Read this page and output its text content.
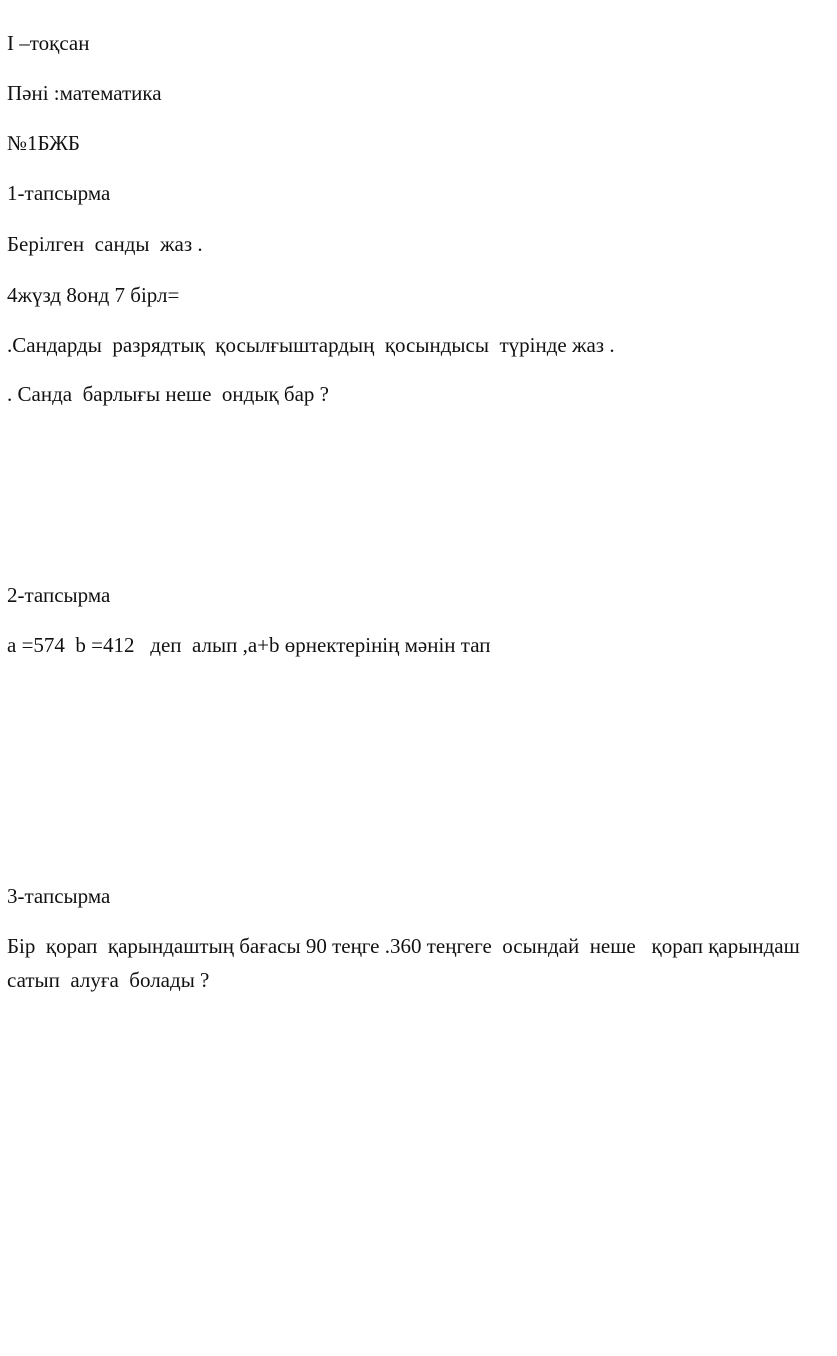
І –тоқсан

Пәні :математика

№1БЖБ

1-тапсырма

Берілген  санды  жаз .

4жүзд 8онд 7 бірл=

.Сандарды  разрядтық  қосылғыштардың  қосындысы  түрінде жаз .

. Санда  барлығы неше  ондық бар ?

2-тапсырма

a =574  b =412   деп  алып ,a+b өрнектерінің мәнін тап

3-тапсырма

Бір  қорап  қарындаштың бағасы 90 теңге .360 теңгеге  осындай  неше   қорап қарындаш сатып  алуға  болады ?
